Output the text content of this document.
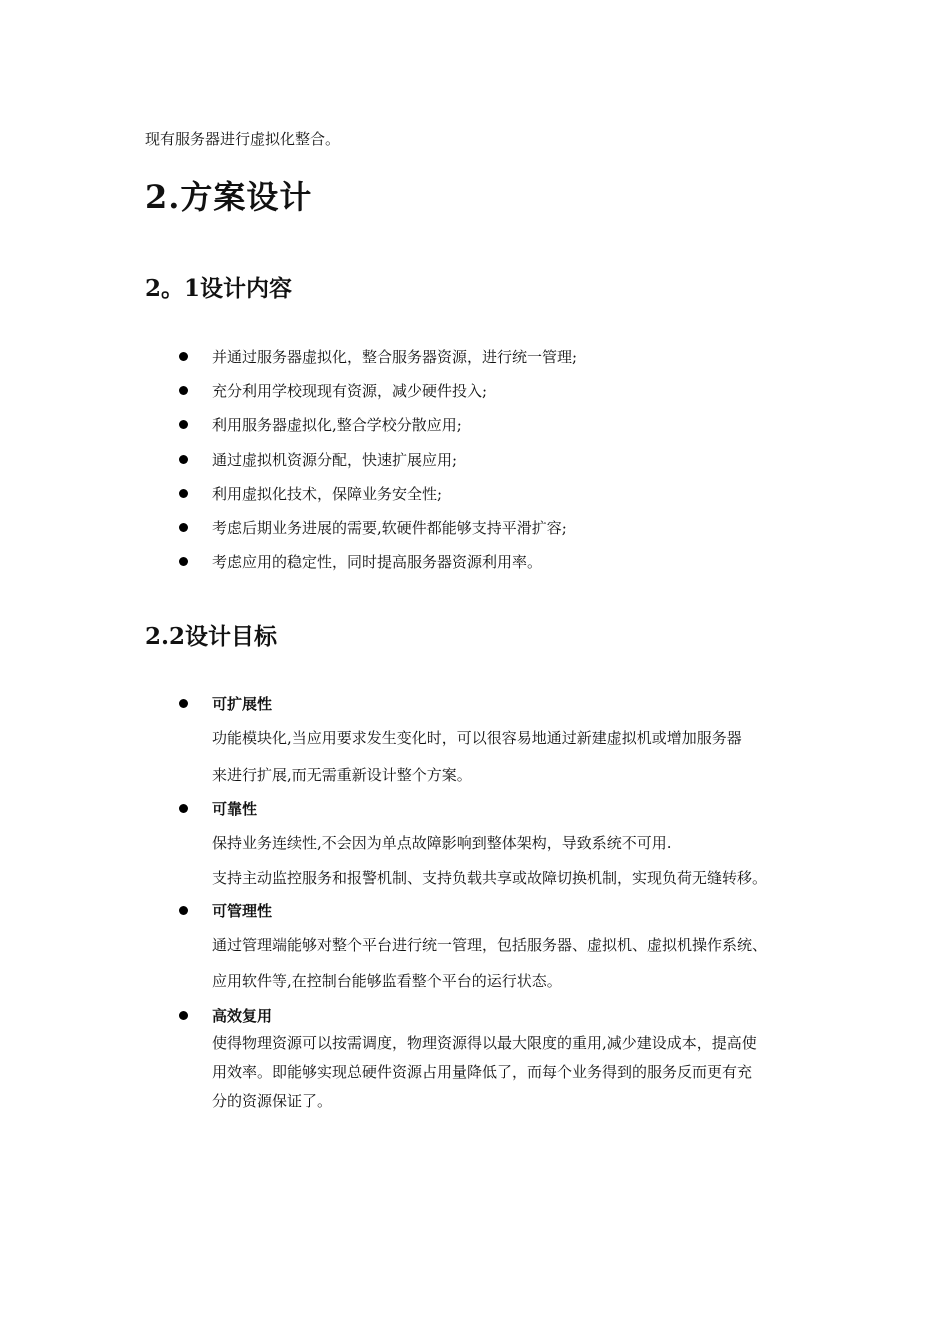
现有服务器进行虚拟化整合。
2.方案设计
2。1设计内容
并通过服务器虚拟化，整合服务器资源，进行统一管理;
充分利用学校现现有资源，减少硬件投入;
利用服务器虚拟化,整合学校分散应用;
通过虚拟机资源分配，快速扩展应用;
利用虚拟化技术，保障业务安全性;
考虑后期业务进展的需要,软硬件都能够支持平滑扩容;
考虑应用的稳定性，同时提高服务器资源利用率。
2.2设计目标
可扩展性
功能模块化,当应用要求发生变化时，可以很容易地通过新建虚拟机或增加服务器
来进行扩展,而无需重新设计整个方案。
可靠性
保持业务连续性,不会因为单点故障影响到整体架构，导致系统不可用.
支持主动监控服务和报警机制、支持负载共享或故障切换机制，实现负荷无缝转移。
可管理性
通过管理端能够对整个平台进行统一管理，包括服务器、虚拟机、虚拟机操作系统、
应用软件等,在控制台能够监看整个平台的运行状态。
高效复用
使得物理资源可以按需调度，物理资源得以最大限度的重用,减少建设成本，提高使
用效率。即能够实现总硬件资源占用量降低了，而每个业务得到的服务反而更有充
分的资源保证了。
